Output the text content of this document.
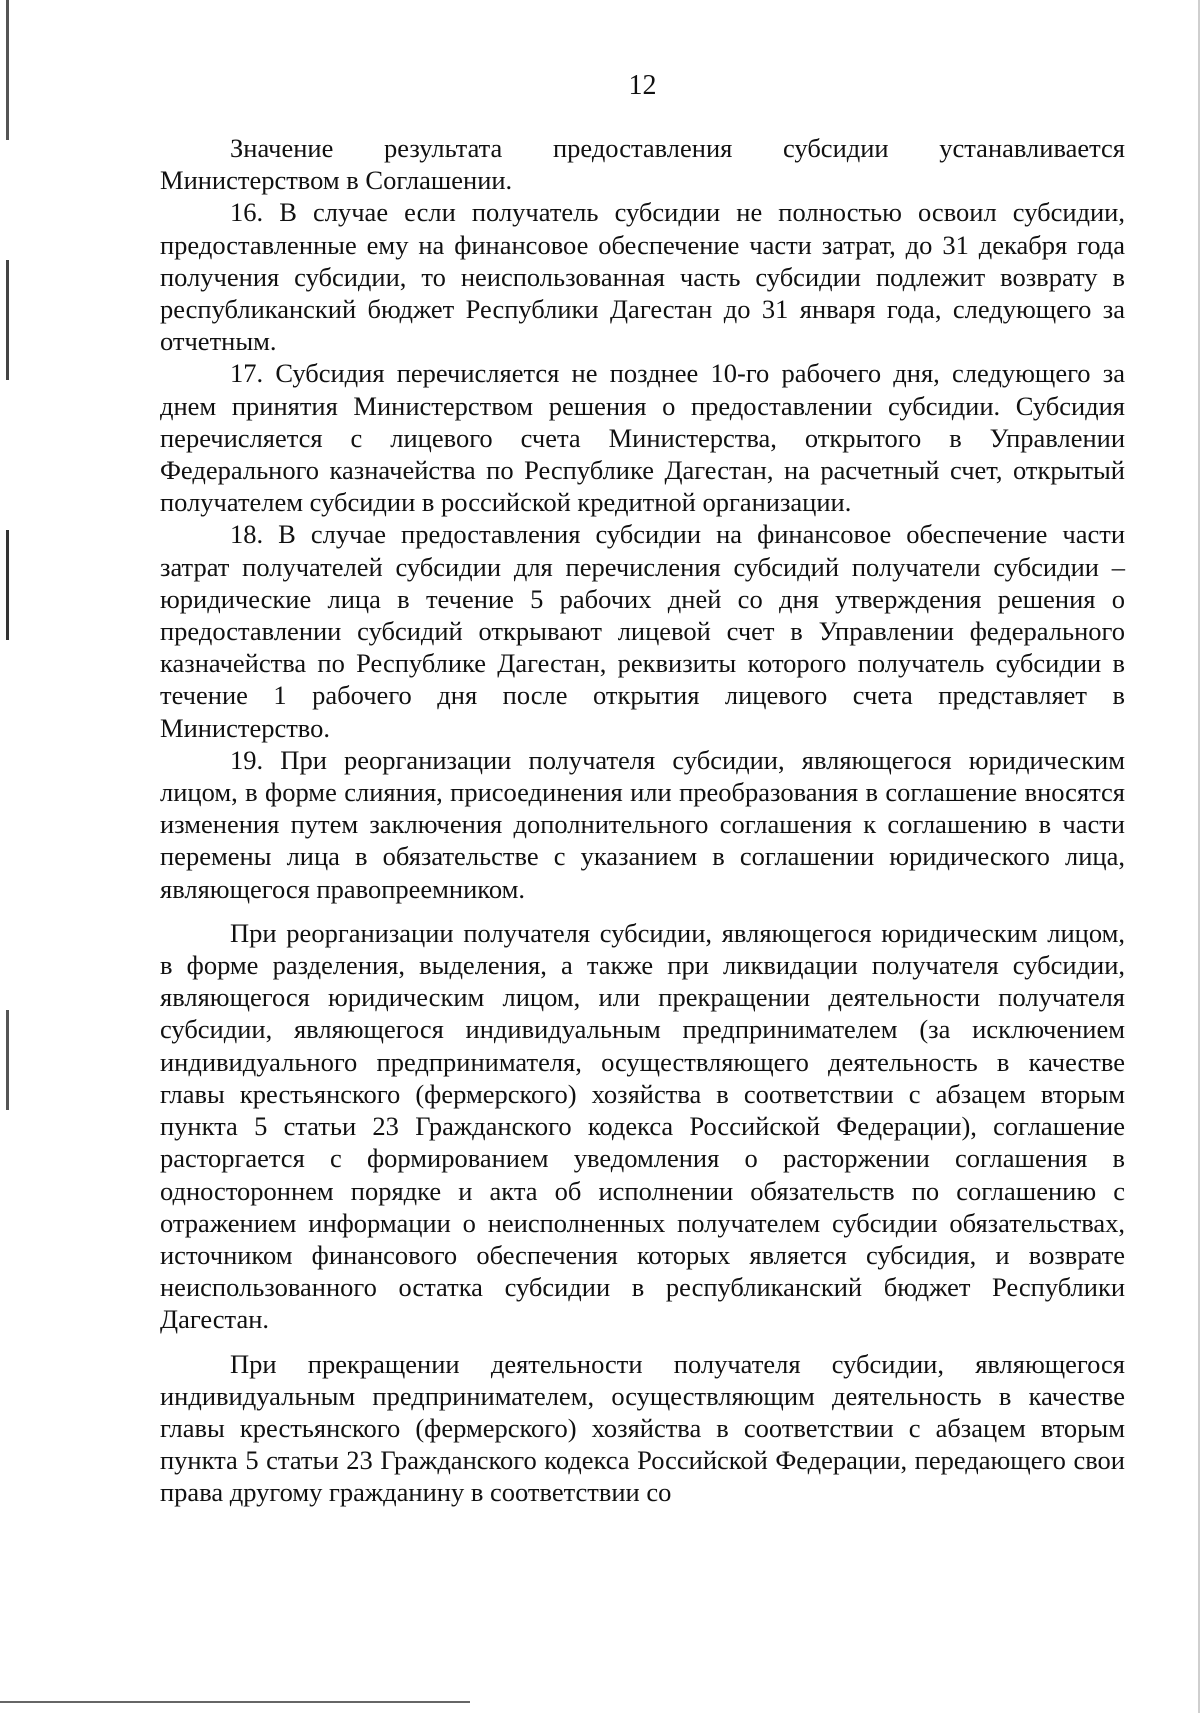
12

Значение результата предоставления субсидии устанавливается Министерством в Соглашении.

16. В случае если получатель субсидии не полностью освоил субсидии, предоставленные ему на финансовое обеспечение части затрат, до 31 декабря года получения субсидии, то неиспользованная часть субсидии подлежит возврату в республиканский бюджет Республики Дагестан до 31 января года, следующего за отчетным.

17. Субсидия перечисляется не позднее 10-го рабочего дня, следующего за днем принятия Министерством решения о предоставлении субсидии. Субсидия перечисляется с лицевого счета Министерства, открытого в Управлении Федерального казначейства по Республике Дагестан, на расчетный счет, открытый получателем субсидии в российской кредитной организации.

18. В случае предоставления субсидии на финансовое обеспечение части затрат получателей субсидии для перечисления субсидий получатели субсидии – юридические лица в течение 5 рабочих дней со дня утверждения решения о предоставлении субсидий открывают лицевой счет в Управлении федерального казначейства по Республике Дагестан, реквизиты которого получатель субсидии в течение 1 рабочего дня после открытия лицевого счета представляет в Министерство.

19. При реорганизации получателя субсидии, являющегося юридическим лицом, в форме слияния, присоединения или преобразования в соглашение вносятся изменения путем заключения дополнительного соглашения к соглашению в части перемены лица в обязательстве с указанием в соглашении юридического лица, являющегося правопреемником.

При реорганизации получателя субсидии, являющегося юридическим лицом, в форме разделения, выделения, а также при ликвидации получателя субсидии, являющегося юридическим лицом, или прекращении деятельности получателя субсидии, являющегося индивидуальным предпринимателем (за исключением индивидуального предпринимателя, осуществляющего деятельность в качестве главы крестьянского (фермерского) хозяйства в соответствии с абзацем вторым пункта 5 статьи 23 Гражданского кодекса Российской Федерации), соглашение расторгается с формированием уведомления о расторжении соглашения в одностороннем порядке и акта об исполнении обязательств по соглашению с отражением информации о неисполненных получателем субсидии обязательствах, источником финансового обеспечения которых является субсидия, и возврате неиспользованного остатка субсидии в республиканский бюджет Республики Дагестан.

При прекращении деятельности получателя субсидии, являющегося индивидуальным предпринимателем, осуществляющим деятельность в качестве главы крестьянского (фермерского) хозяйства в соответствии с абзацем вторым пункта 5 статьи 23 Гражданского кодекса Российской Федерации, передающего свои права другому гражданину в соответствии со
